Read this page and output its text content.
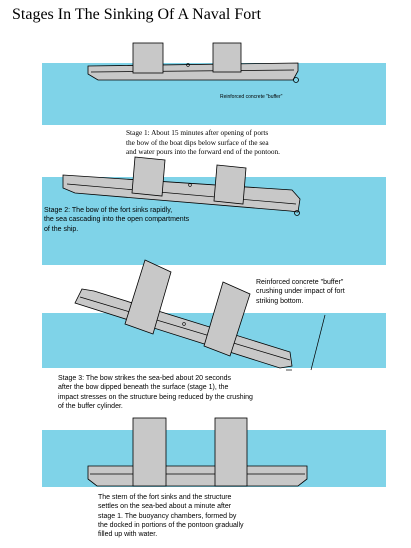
Stages In The Sinking Of A Naval Fort
Reinforced concrete "buffer"
Stage 1: About 15 minutes after opening of ports
the bow of the boat dips below surface of the sea
and water pours into the forward end of the pontoon.
Stage 2: The bow of the fort sinks rapidly,
the sea cascading into the open compartments
of the ship.
Reinforced concrete "buffer"
crushing under impact of fort
striking bottom.
Stage 3: The bow strikes the sea-bed about 20 seconds
after the bow dipped beneath the surface (stage 1), the
impact stresses on the structure being reduced by the crushing
of the buffer cylinder.
The stern of the fort sinks and the structure
settles on the sea-bed about a minute after
stage 1. The buoyancy chambers, formed by
the docked in portions of the pontoon gradually
filled up with water.
